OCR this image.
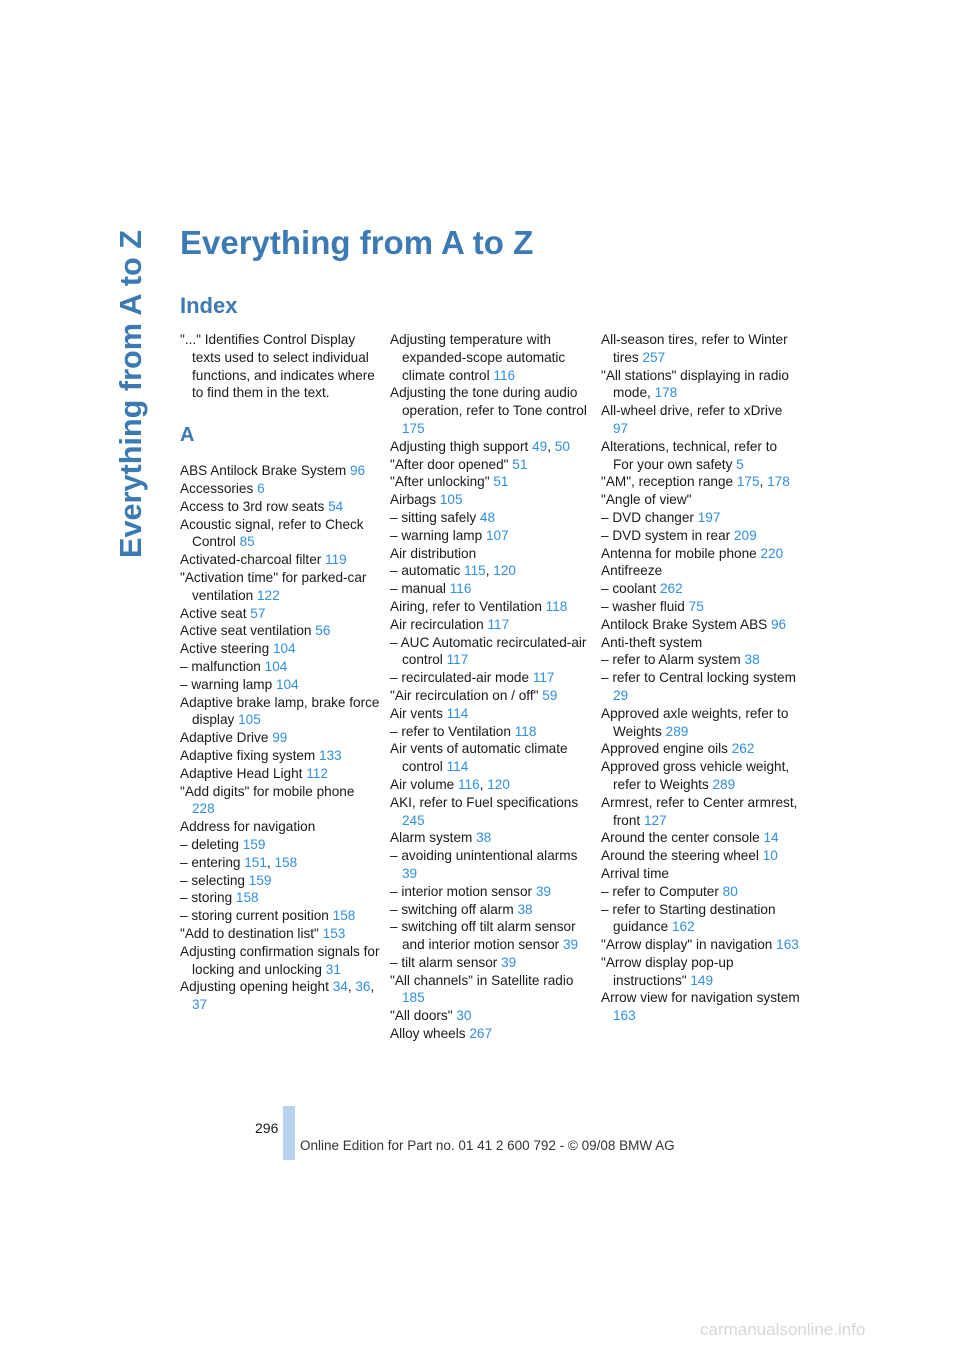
Everything from A to Z Everything from A to Z
Index
"..." Identifies Control Display texts used to select individual functions, and indicates where to find them in the text.
A
ABS Antilock Brake System 96
Accessories 6
Access to 3rd row seats 54
Acoustic signal, refer to Check Control 85
Activated-charcoal filter 119
"Activation time" for parked-car ventilation 122
Active seat 57
Active seat ventilation 56
Active steering 104
– malfunction 104
– warning lamp 104
Adaptive brake lamp, brake force display 105
Adaptive Drive 99
Adaptive fixing system 133
Adaptive Head Light 112
"Add digits" for mobile phone 228
Address for navigation
– deleting 159
– entering 151, 158
– selecting 159
– storing 158
– storing current position 158
"Add to destination list" 153
Adjusting confirmation signals for locking and unlocking 31
Adjusting opening height 34, 36, 37
Adjusting temperature with expanded-scope automatic climate control 116
Adjusting the tone during audio operation, refer to Tone control 175
Adjusting thigh support 49, 50
"After door opened" 51
"After unlocking" 51
Airbags 105
– sitting safely 48
– warning lamp 107
Air distribution
– automatic 115, 120
– manual 116
Airing, refer to Ventilation 118
Air recirculation 117
– AUC Automatic recirculated-air control 117
– recirculated-air mode 117
"Air recirculation on / off" 59
Air vents 114
– refer to Ventilation 118
Air vents of automatic climate control 114
Air volume 116, 120
AKI, refer to Fuel specifications 245
Alarm system 38
– avoiding unintentional alarms 39
– interior motion sensor 39
– switching off alarm 38
– switching off tilt alarm sensor and interior motion sensor 39
– tilt alarm sensor 39
"All channels" in Satellite radio 185
"All doors" 30
Alloy wheels 267
All-season tires, refer to Winter tires 257
"All stations" displaying in radio mode, 178
All-wheel drive, refer to xDrive 97
Alterations, technical, refer to For your own safety 5
"AM", reception range 175, 178
"Angle of view"
– DVD changer 197
– DVD system in rear 209
Antenna for mobile phone 220
Antifreeze
– coolant 262
– washer fluid 75
Antilock Brake System ABS 96
Anti-theft system
– refer to Alarm system 38
– refer to Central locking system 29
Approved axle weights, refer to Weights 289
Approved engine oils 262
Approved gross vehicle weight, refer to Weights 289
Armrest, refer to Center armrest, front 127
Around the center console 14
Around the steering wheel 10
Arrival time
– refer to Computer 80
– refer to Starting destination guidance 162
"Arrow display" in navigation 163
"Arrow display pop-up instructions" 149
Arrow view for navigation system 163
296
Online Edition for Part no. 01 41 2 600 792 - © 09/08 BMW AG
carmanualsonline.info
